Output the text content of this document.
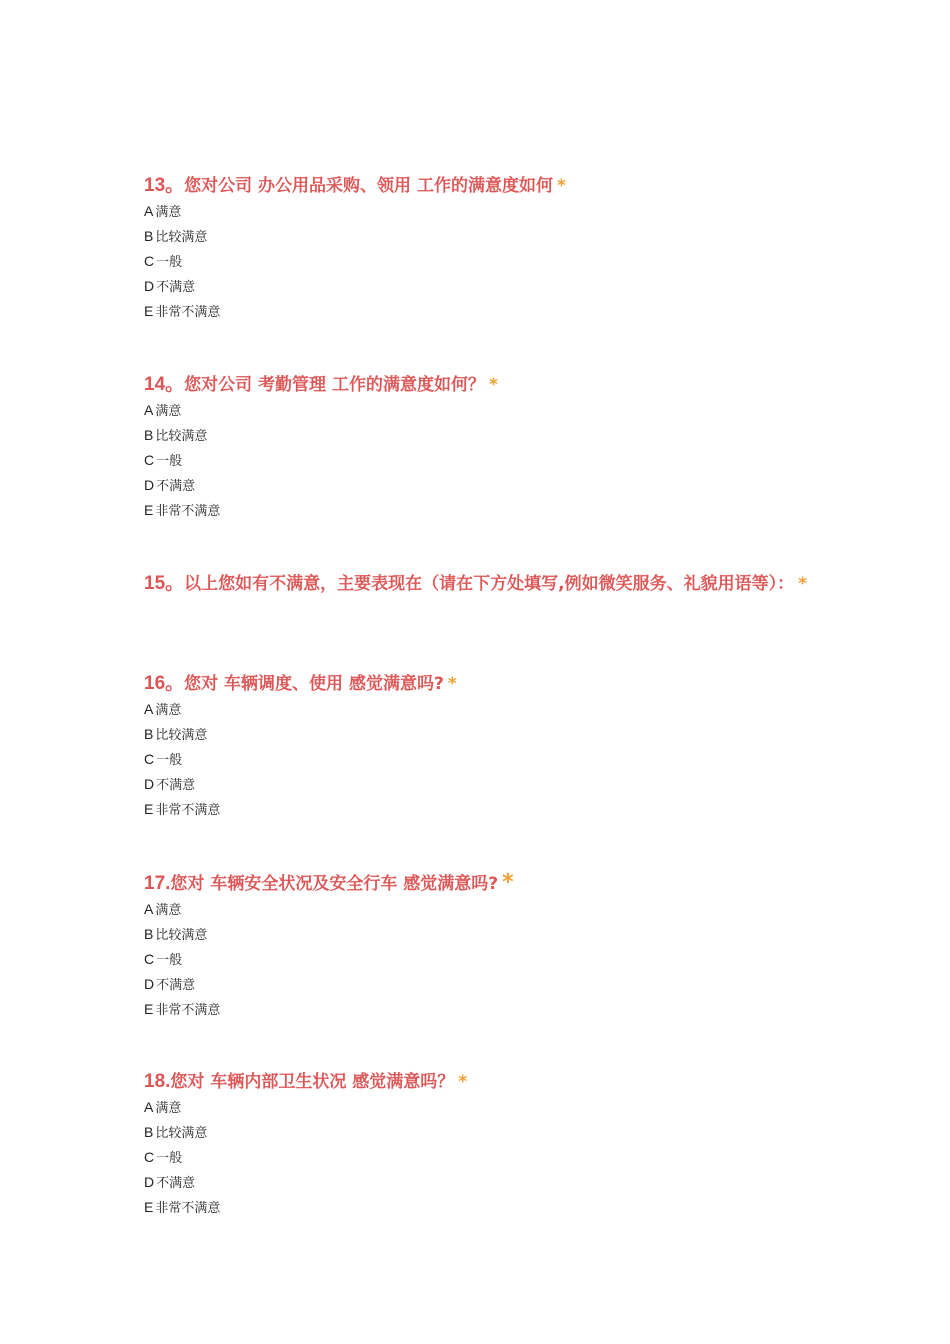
13。您对公司 办公用品采购、领用 工作的满意度如何 *
A 满意
B 比较满意
C 一般
D 不满意
E 非常不满意
14。您对公司 考勤管理 工作的满意度如何？ *
A 满意
B 比较满意
C 一般
D 不满意
E 非常不满意
15。以上您如有不满意，主要表现在（请在下方处填写,例如微笑服务、礼貌用语等）： *
16。您对 车辆调度、使用 感觉满意吗? *
A 满意
B 比较满意
C 一般
D 不满意
E 非常不满意
17.您对 车辆安全状况及安全行车 感觉满意吗? *
A 满意
B 比较满意
C 一般
D 不满意
E 非常不满意
18.您对 车辆内部卫生状况 感觉满意吗？ *
A 满意
B 比较满意
C 一般
D 不满意
E 非常不满意
